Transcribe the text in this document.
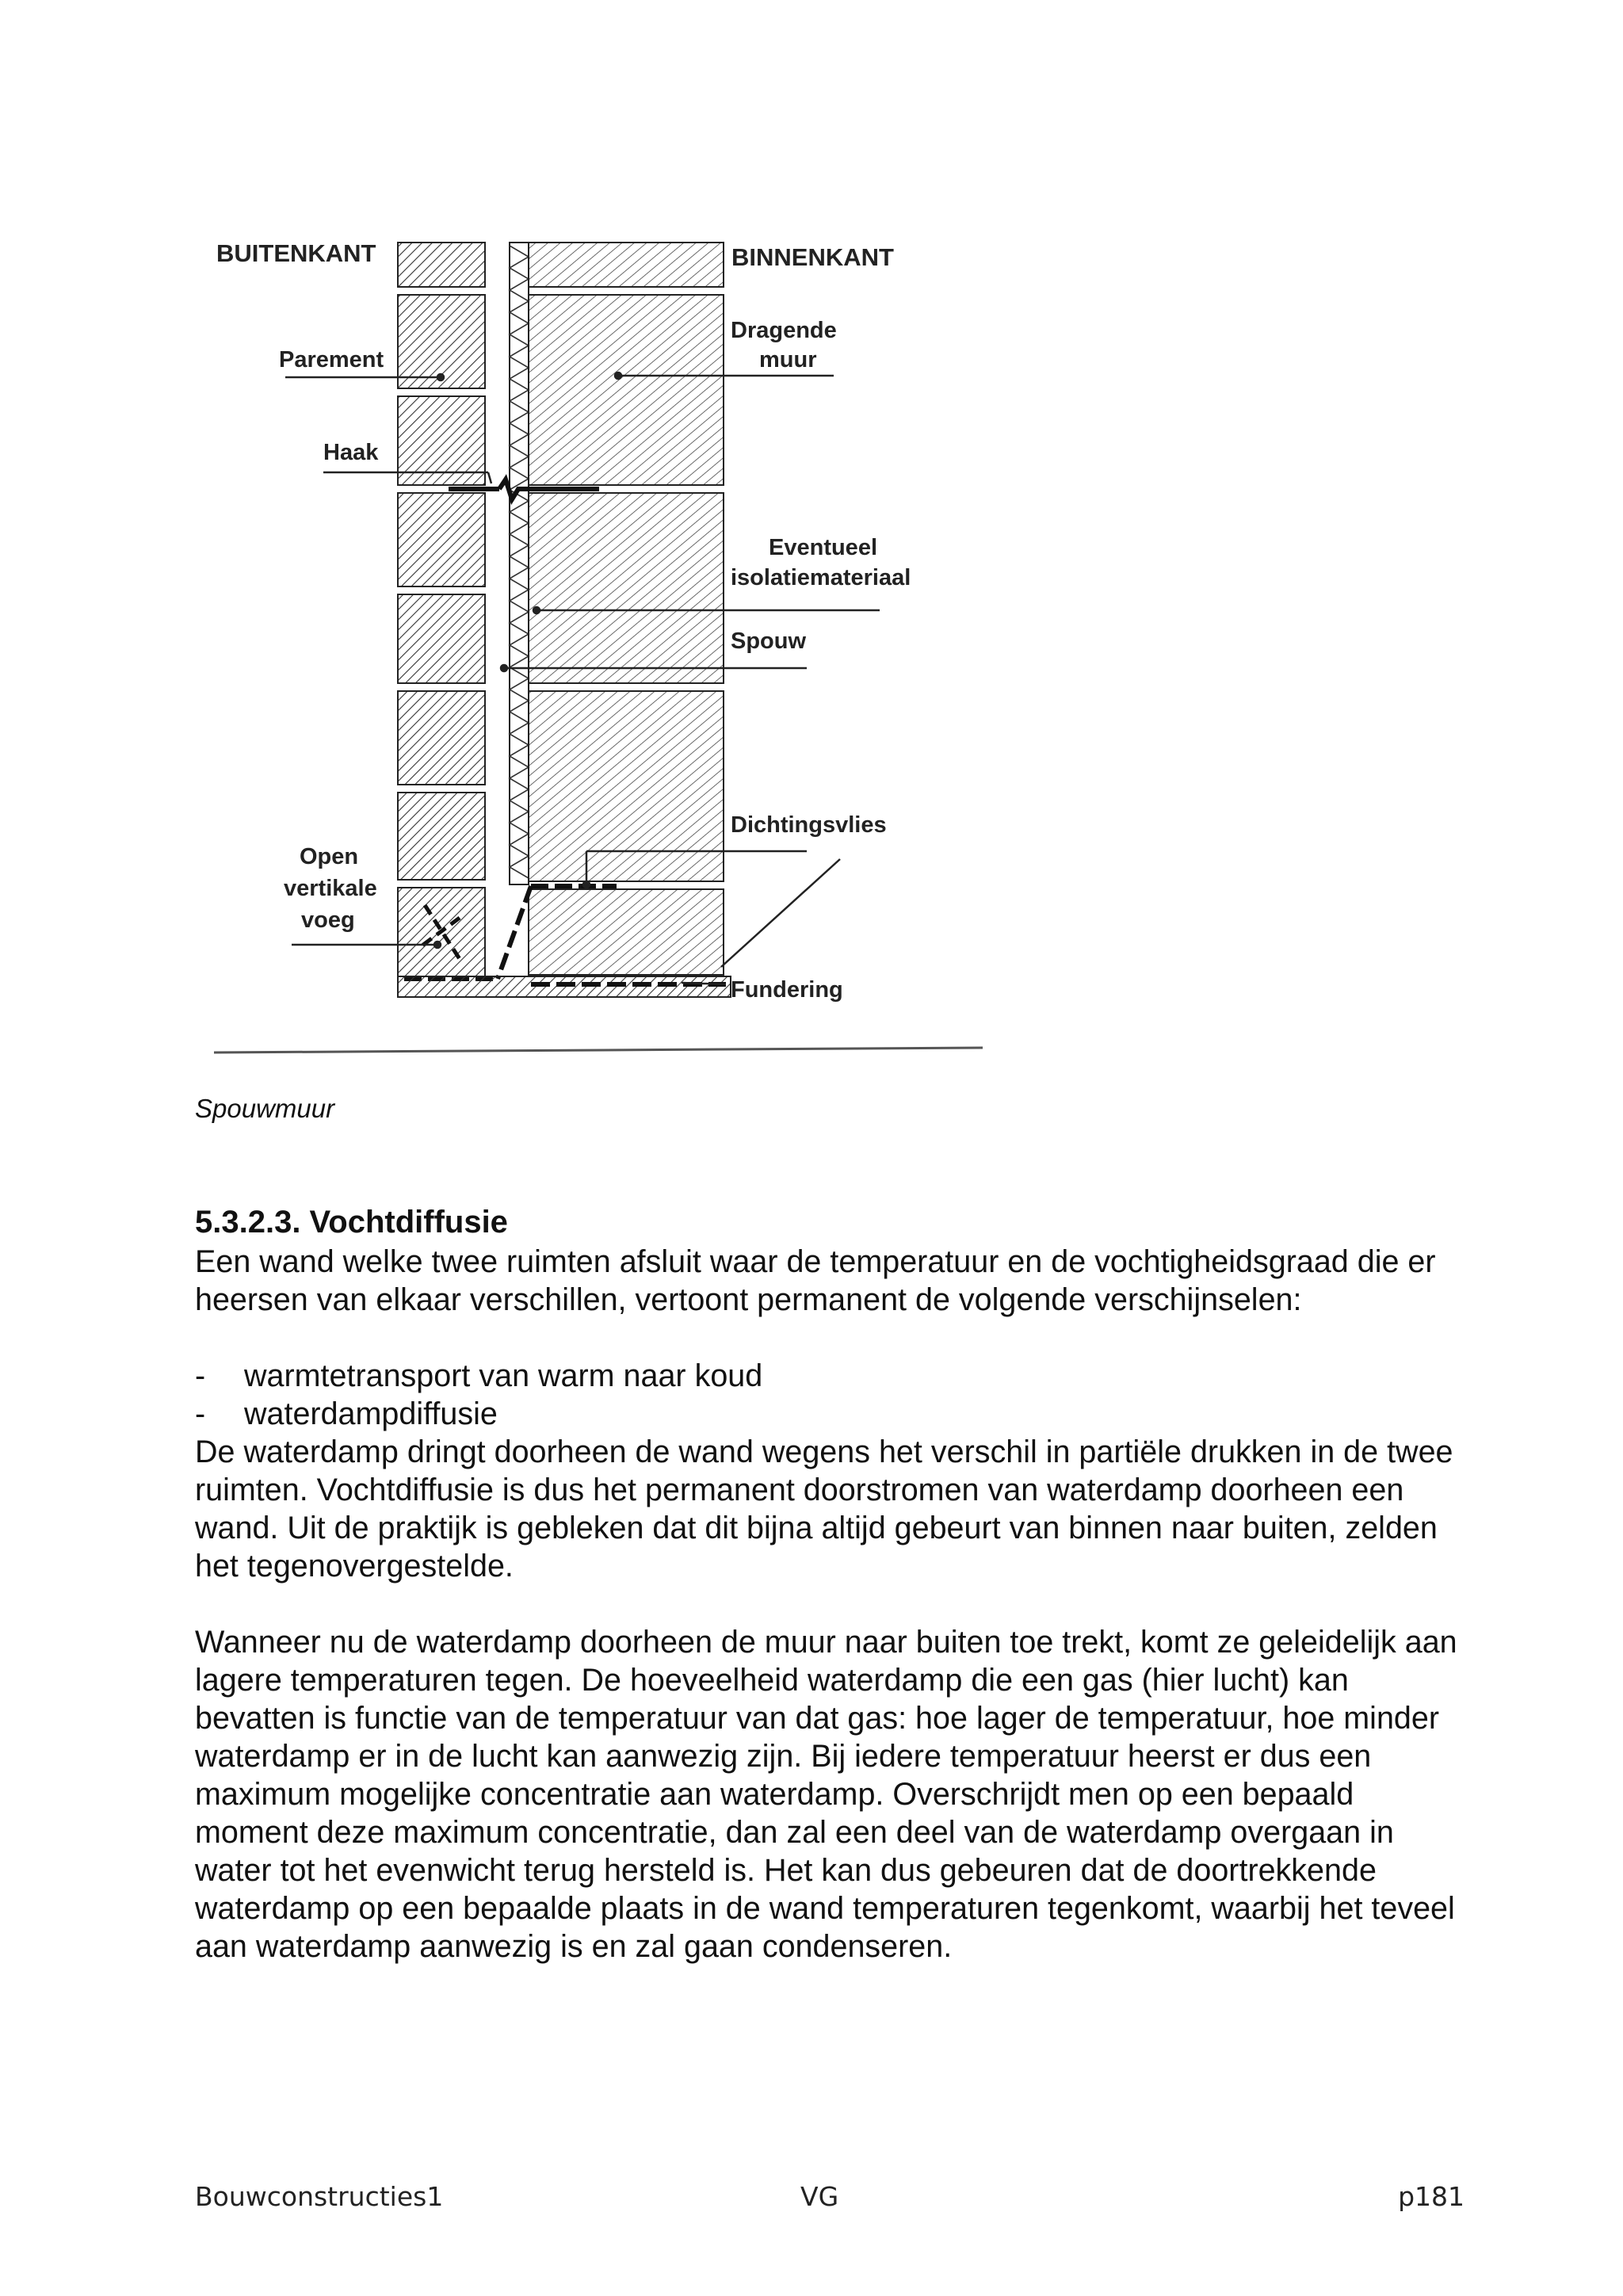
BUITENKANT	BINNENKANT
Parement
Haak
Dragende
muur
Eventueel
isolatiemateriaal
Spouw
Dichtingsvlies
Open
vertikale
voeg
Fundering
Spouwmuur
5.3.2.3. Vochtdiffusie
Een wand welke twee ruimten afsluit waar de temperatuur en de vochtigheidsgraad die er heersen van elkaar verschillen, vertoont permanent de volgende verschijnselen:
-	warmtetransport van warm naar koud
-	waterdampdiffusie
De waterdamp dringt doorheen de wand wegens het verschil in partiële drukken in de twee ruimten. Vochtdiffusie is dus het permanent doorstromen van waterdamp doorheen een wand. Uit de praktijk is gebleken dat dit bijna altijd gebeurt van binnen naar buiten, zelden het tegenovergestelde.
Wanneer nu de waterdamp doorheen de muur naar buiten toe trekt, komt ze geleidelijk aan lagere temperaturen tegen. De hoeveelheid waterdamp die een gas (hier lucht) kan bevatten is functie van de temperatuur van dat gas: hoe lager de temperatuur, hoe minder waterdamp er in de lucht kan aanwezig zijn. Bij iedere temperatuur heerst er dus een maximum mogelijke concentratie aan waterdamp. Overschrijdt men op een bepaald moment deze maximum concentratie, dan zal een deel van de waterdamp overgaan in water tot het evenwicht terug hersteld is. Het kan dus gebeuren dat de doortrekkende waterdamp op een bepaalde plaats in de wand temperaturen tegenkomt, waarbij het teveel aan waterdamp aanwezig is en zal gaan condenseren.
Bouwconstructies1	VG	p181
